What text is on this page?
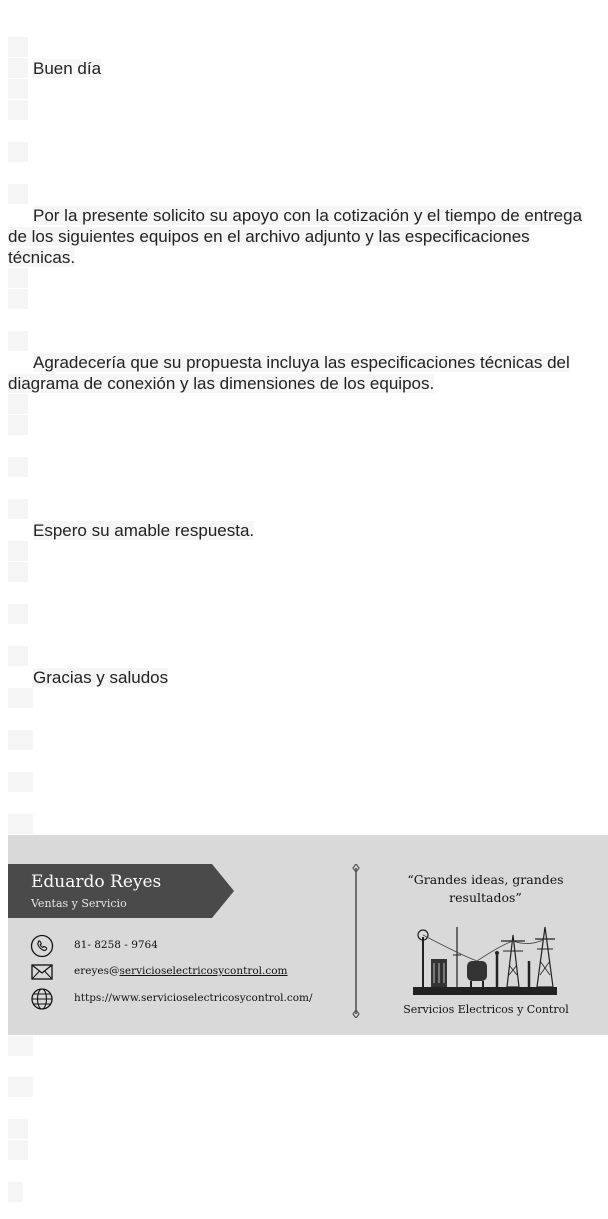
Buen día
Por la presente solicito su apoyo con la cotización y el tiempo de entrega de los siguientes equipos en el archivo adjunto y las especificaciones técnicas.
Agradecería que su propuesta incluya las especificaciones técnicas del diagrama de conexión y las dimensiones de los equipos.
Espero su amable respuesta.
Gracias y saludos
Eduardo Reyes
Ventas y Servicio
81- 8258 - 9764
ereyes@servicioselectricosycontrol.com
https://www.servicioselectricosycontrol.com/
“Grandes ideas, grandes
resultados”
Servicios Electricos y Control
